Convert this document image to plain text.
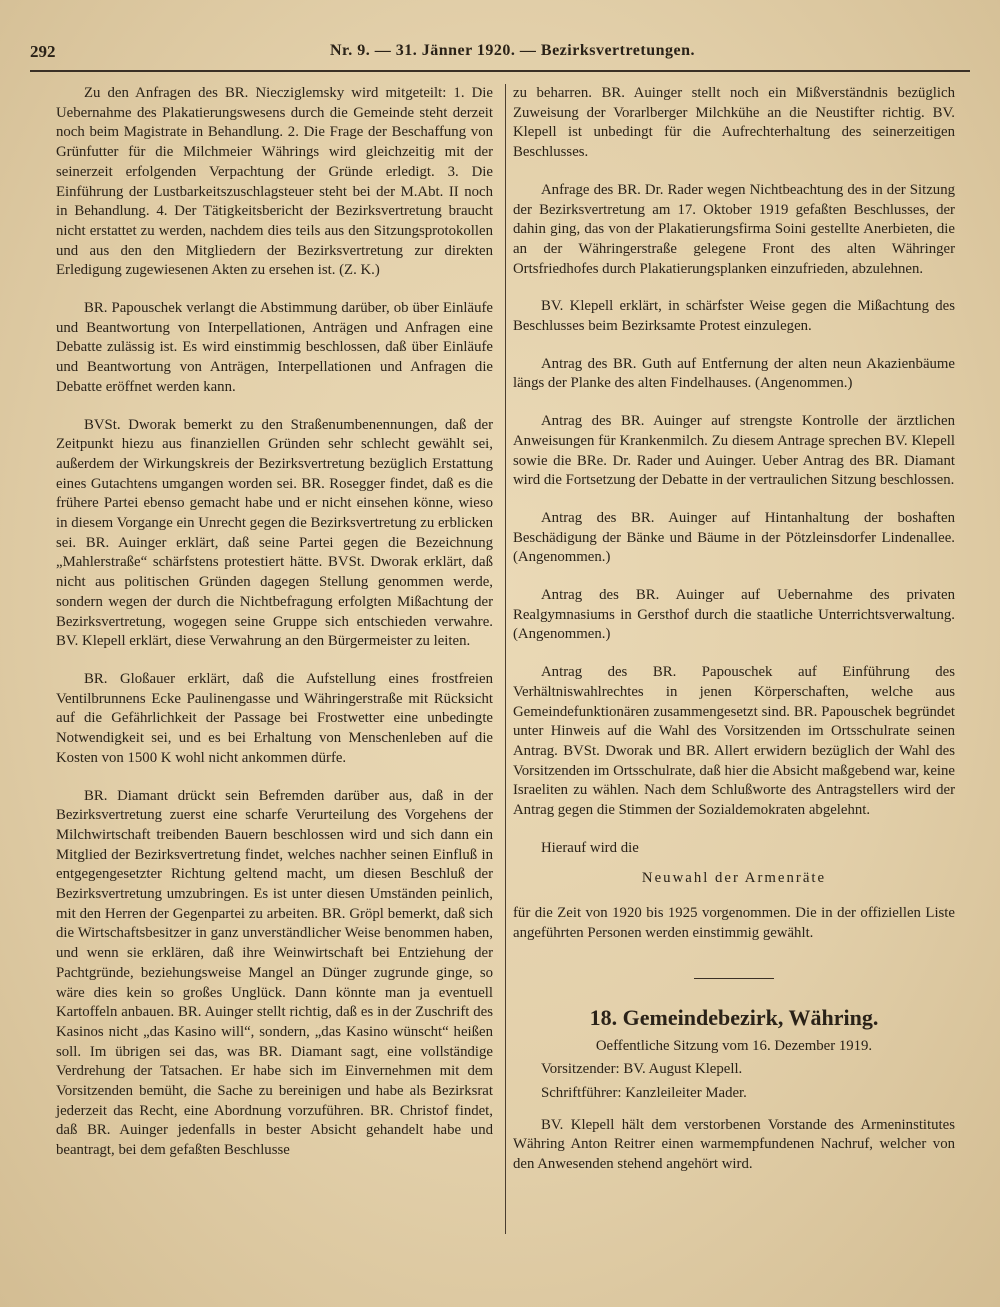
292	Nr. 9. — 31. Jänner 1920. — Bezirksvertretungen.

Zu den Anfragen des BR. Niecziglemsky wird mitgeteilt: 1. Die Uebernahme des Plakatierungswesens durch die Gemeinde steht derzeit noch beim Magistrate in Behandlung. 2. Die Frage der Beschaffung von Grünfutter für die Milchmeier Währings wird gleichzeitig mit der seinerzeit erfolgenden Verpachtung der Gründe erledigt. 3. Die Einführung der Lustbarkeitszuschlagsteuer steht bei der M.Abt. II noch in Behandlung. 4. Der Tätigkeitsbericht der Bezirksvertretung braucht nicht erstattet zu werden, nachdem dies teils aus den Sitzungsprotokollen und aus den den Mitgliedern der Bezirksvertretung zur direkten Erledigung zugewiesenen Akten zu ersehen ist. (Z. K.)

BR. Papouschek verlangt die Abstimmung darüber, ob über Einläufe und Beantwortung von Interpellationen, Anträgen und Anfragen eine Debatte zulässig ist. Es wird einstimmig beschlossen, daß über Einläufe und Beantwortung von Anträgen, Interpellationen und Anfragen die Debatte eröffnet werden kann.

BVSt. Dworak bemerkt zu den Straßenumbenennungen, daß der Zeitpunkt hiezu aus finanziellen Gründen sehr schlecht gewählt sei, außerdem der Wirkungskreis der Bezirksvertretung bezüglich Erstattung eines Gutachtens umgangen worden sei. BR. Rosegger findet, daß es die frühere Partei ebenso gemacht habe und er nicht einsehen könne, wieso in diesem Vorgange ein Unrecht gegen die Bezirksvertretung zu erblicken sei. BR. Auinger erklärt, daß seine Partei gegen die Bezeichnung „Mahlerstraße“ schärfstens protestiert hätte. BVSt. Dworak erklärt, daß nicht aus politischen Gründen dagegen Stellung genommen werde, sondern wegen der durch die Nichtbefragung erfolgten Mißachtung der Bezirksvertretung, wogegen seine Gruppe sich entschieden verwahre. BV. Klepell erklärt, diese Verwahrung an den Bürgermeister zu leiten.

BR. Gloßauer erklärt, daß die Aufstellung eines frostfreien Ventilbrunnens Ecke Paulinengasse und Währingerstraße mit Rücksicht auf die Gefährlichkeit der Passage bei Frostwetter eine unbedingte Notwendigkeit sei, und es bei Erhaltung von Menschenleben auf die Kosten von 1500 K wohl nicht ankommen dürfe.

BR. Diamant drückt sein Befremden darüber aus, daß in der Bezirksvertretung zuerst eine scharfe Verurteilung des Vorgehens der Milchwirtschaft treibenden Bauern beschlossen wird und sich dann ein Mitglied der Bezirksvertretung findet, welches nachher seinen Einfluß in entgegengesetzter Richtung geltend macht, um diesen Beschluß der Bezirksvertretung umzubringen. Es ist unter diesen Umständen peinlich, mit den Herren der Gegenpartei zu arbeiten. BR. Gröpl bemerkt, daß sich die Wirtschaftsbesitzer in ganz unverständlicher Weise benommen haben, und wenn sie erklären, daß ihre Weinwirtschaft bei Entziehung der Pachtgründe, beziehungsweise Mangel an Dünger zugrunde ginge, so wäre dies kein so großes Unglück. Dann könnte man ja eventuell Kartoffeln anbauen. BR. Auinger stellt richtig, daß es in der Zuschrift des Kasinos nicht „das Kasino will“, sondern, „das Kasino wünscht“ heißen soll. Im übrigen sei das, was BR. Diamant sagt, eine vollständige Verdrehung der Tatsachen. Er habe sich im Einvernehmen mit dem Vorsitzenden bemüht, die Sache zu bereinigen und habe als Bezirksrat jederzeit das Recht, eine Abordnung vorzuführen. BR. Christof findet, daß BR. Auinger jedenfalls in bester Absicht gehandelt habe und beantragt, bei dem gefaßten Beschlusse

zu beharren. BR. Auinger stellt noch ein Mißverständnis bezüglich Zuweisung der Vorarlberger Milchkühe an die Neustifter richtig. BV. Klepell ist unbedingt für die Aufrechterhaltung des seinerzeitigen Beschlusses.

Anfrage des BR. Dr. Rader wegen Nichtbeachtung des in der Sitzung der Bezirksvertretung am 17. Oktober 1919 gefaßten Beschlusses, der dahin ging, das von der Plakatierungsfirma Soini gestellte Anerbieten, die an der Währingerstraße gelegene Front des alten Währinger Ortsfriedhofes durch Plakatierungsplanken einzufrieden, abzulehnen.

BV. Klepell erklärt, in schärfster Weise gegen die Mißachtung des Beschlusses beim Bezirksamte Protest einzulegen.

Antrag des BR. Guth auf Entfernung der alten neun Akazienbäume längs der Planke des alten Findelhauses. (Angenommen.)

Antrag des BR. Auinger auf strengste Kontrolle der ärztlichen Anweisungen für Krankenmilch. Zu diesem Antrage sprechen BV. Klepell sowie die BRe. Dr. Rader und Auinger. Ueber Antrag des BR. Diamant wird die Fortsetzung der Debatte in der vertraulichen Sitzung beschlossen.

Antrag des BR. Auinger auf Hintanhaltung der boshaften Beschädigung der Bänke und Bäume in der Pötzleinsdorfer Lindenallee. (Angenommen.)

Antrag des BR. Auinger auf Uebernahme des privaten Realgymnasiums in Gersthof durch die staatliche Unterrichtsverwaltung. (Angenommen.)

Antrag des BR. Papouschek auf Einführung des Verhältniswahlrechtes in jenen Körperschaften, welche aus Gemeindefunktionären zusammengesetzt sind. BR. Papouschek begründet unter Hinweis auf die Wahl des Vorsitzenden im Ortsschulrate seinen Antrag. BVSt. Dworak und BR. Allert erwidern bezüglich der Wahl des Vorsitzenden im Ortsschulrate, daß hier die Absicht maßgebend war, keine Israeliten zu wählen. Nach dem Schlußworte des Antragstellers wird der Antrag gegen die Stimmen der Sozialdemokraten abgelehnt.

Hierauf wird die

Neuwahl der Armenräte

für die Zeit von 1920 bis 1925 vorgenommen. Die in der offiziellen Liste angeführten Personen werden einstimmig gewählt.

18. Gemeindebezirk, Währing.
Oeffentliche Sitzung vom 16. Dezember 1919.
Vorsitzender: BV. August Klepell.
Schriftführer: Kanzleileiter Mader.

BV. Klepell hält dem verstorbenen Vorstande des Armeninstitutes Währing Anton Reitrer einen warmempfundenen Nachruf, welcher von den Anwesenden stehend angehört wird.
